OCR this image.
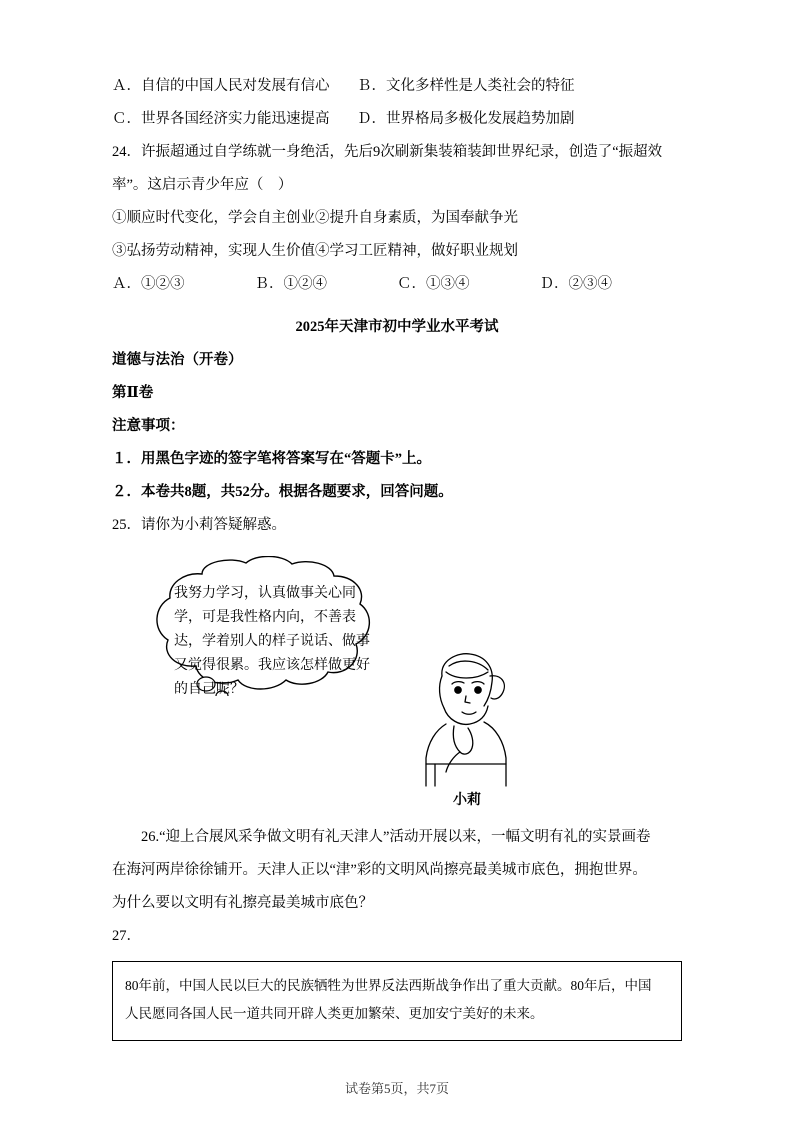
Ａ．自信的中国人民对发展有信心	Ｂ．文化多样性是人类社会的特征
Ｃ．世界各国经济实力能迅速提高	Ｄ．世界格局多极化发展趋势加剧
24．许振超通过自学练就一身绝活，先后9次刷新集装箱装卸世界纪录，创造了“振超效
率”。这启示青少年应（    ）
①顺应时代变化，学会自主创业②提升自身素质，为国奉献争光
③弘扬劳动精神，实现人生价值④学习工匠精神，做好职业规划
Ａ．①②③	Ｂ．①②④	Ｃ．①③④	Ｄ．②③④
2025年天津市初中学业水平考试
道德与法治（开卷）
第Ⅱ卷
注意事项：
１．用黑色字迹的签字笔将答案写在“答题卡”上。
２．本卷共8题，共52分。根据各题要求，回答问题。
25．请你为小莉答疑解惑。
我努力学习，认真做事关心同学，可是我性格内向，不善表达，学着别人的样子说话、做事又觉得很累。我应该怎样做更好的自己呢？
小莉
26.“迎上合展风采争做文明有礼天津人”活动开展以来，一幅文明有礼的实景画卷
在海河两岸徐徐铺开。天津人正以“津”彩的文明风尚擦亮最美城市底色，拥抱世界。
为什么要以文明有礼擦亮最美城市底色？
27．
80年前，中国人民以巨大的民族牺牲为世界反法西斯战争作出了重大贡献。80年后，中国
人民愿同各国人民一道共同开辟人类更加繁荣、更加安宁美好的未来。
试卷第5页，共7页
